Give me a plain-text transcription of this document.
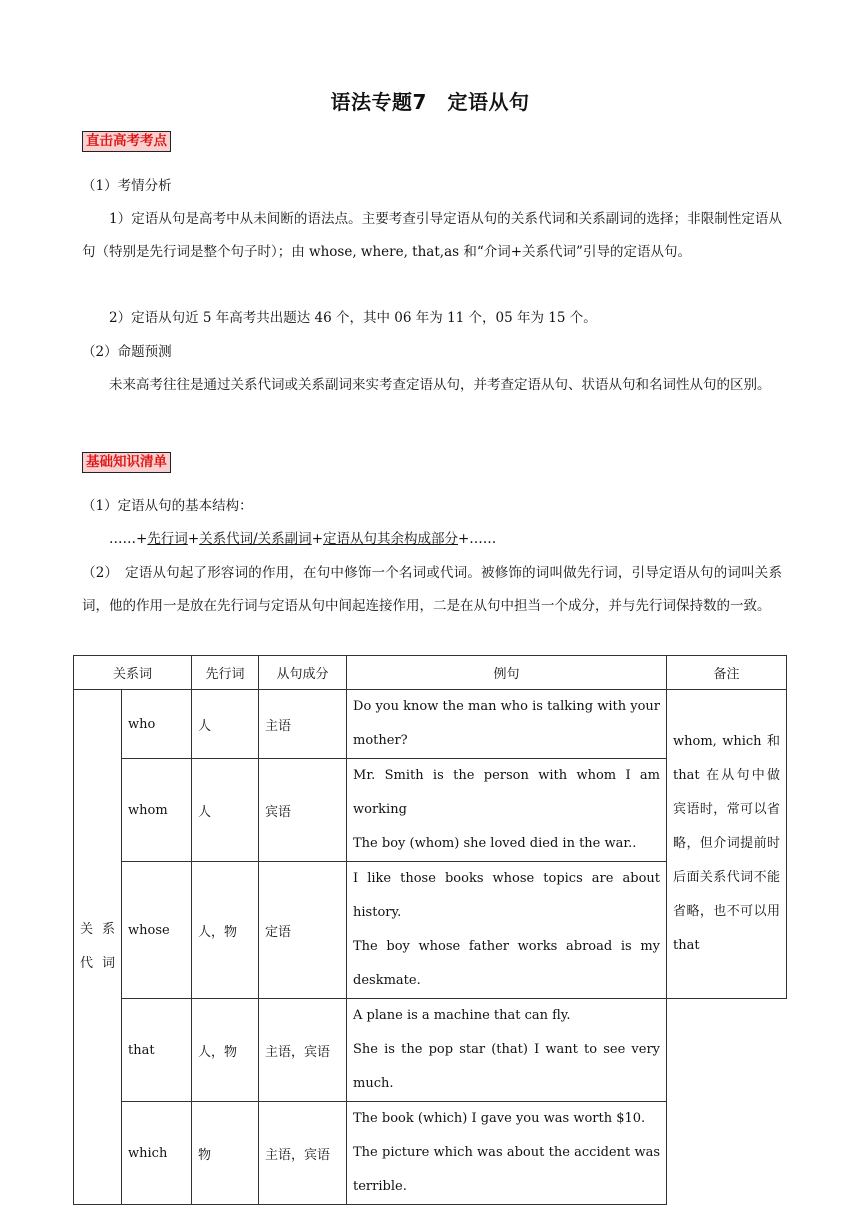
语法专题7　定语从句
直击高考考点
（1）考情分析
1）定语从句是高考中从未间断的语法点。主要考查引导定语从句的关系代词和关系副词的选择；非限制性定语从句（特别是先行词是整个句子时）；由 whose, where, that,as 和“介词+关系代词”引导的定语从句。
2）定语从句近 5 年高考共出题达 46 个，其中 06 年为 11 个，05 年为 15 个。
（2）命题预测
未来高考往往是通过关系代词或关系副词来实考查定语从句，并考查定语从句、状语从句和名词性从句的区别。
基础知识清单
（1）定语从句的基本结构：
……+先行词+关系代词/关系副词+定语从句其余构成部分+……
（2）　定语从句起了形容词的作用，在句中修饰一个名词或代词。被修饰的词叫做先行词，引导定语从句的词叫关系词，他的作用一是放在先行词与定语从句中间起连接作用，二是在从句中担当一个成分，并与先行词保持数的一致。
关系词		先行词	从句成分	例句	备注
关系代词	who	人	主语	Do you know the man who is talking with your mother?	whom, which 和 that 在从句中做宾语时，常可以省略，但介词提前时后面关系代词不能省略，也不可以用 that
	whom	人	宾语	Mr. Smith is the person with whom I am working
The boy (whom) she loved died in the war..	

	whose	人，物	定语	I like those books whose topics are about history.
The boy whose father works abroad is my deskmate.	

	that	人，物	主语，宾语	A plane is a machine that can fly.
She is the pop star (that) I want to see very much.	

	which	物	主语，宾语	The book (which) I gave you was worth $10.
The picture which was about the accident was terrible.	
